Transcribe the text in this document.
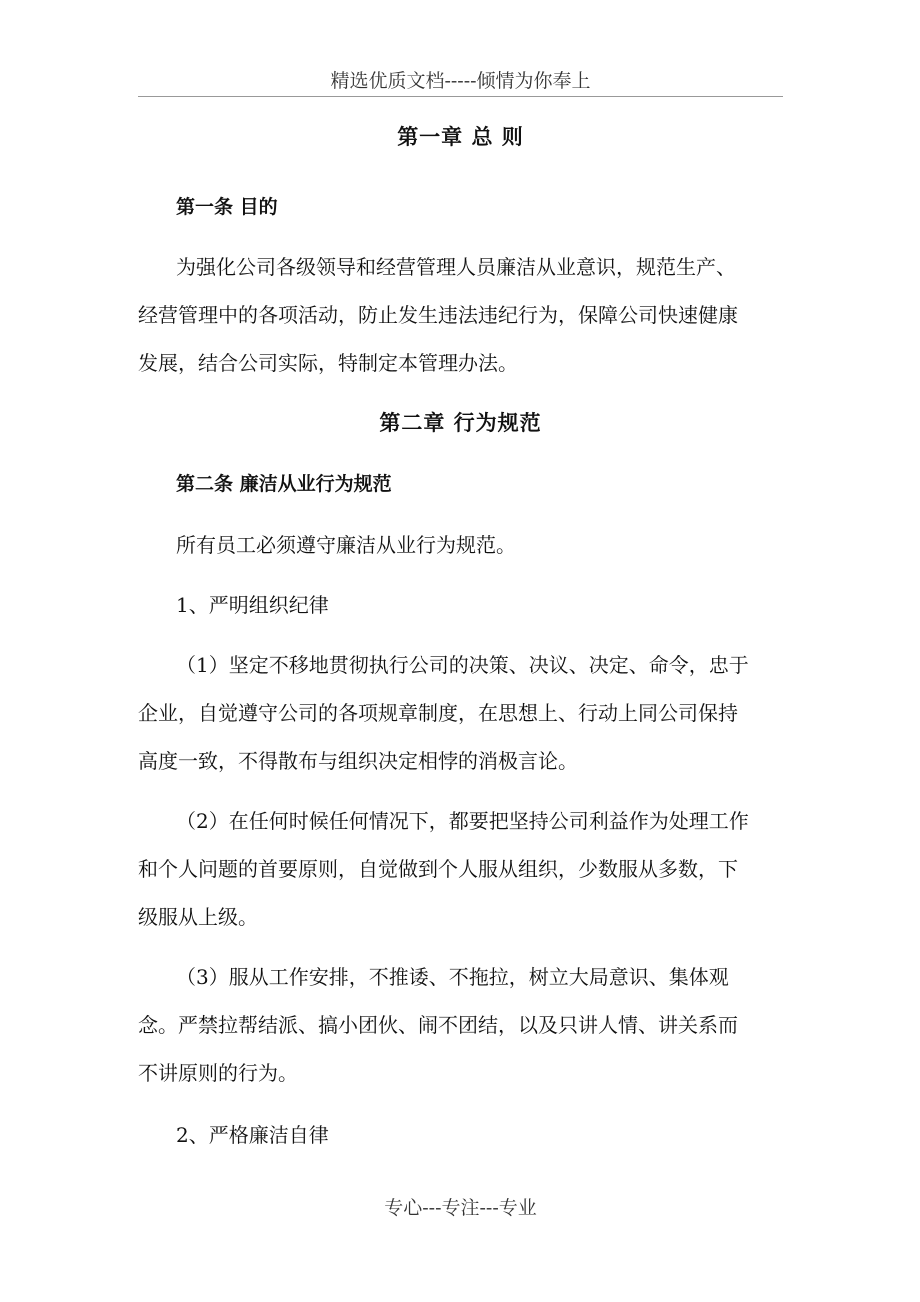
精选优质文档-----倾情为你奉上
第一章 总 则
第一条 目的
为强化公司各级领导和经营管理人员廉洁从业意识，规范生产、
经营管理中的各项活动，防止发生违法违纪行为，保障公司快速健康
发展，结合公司实际，特制定本管理办法。
第二章 行为规范
第二条 廉洁从业行为规范
所有员工必须遵守廉洁从业行为规范。
1、严明组织纪律
（1）坚定不移地贯彻执行公司的决策、决议、决定、命令，忠于
企业，自觉遵守公司的各项规章制度，在思想上、行动上同公司保持
高度一致，不得散布与组织决定相悖的消极言论。
（2）在任何时候任何情况下，都要把坚持公司利益作为处理工作
和个人问题的首要原则，自觉做到个人服从组织，少数服从多数，下
级服从上级。
（3）服从工作安排，不推诿、不拖拉，树立大局意识、集体观
念。严禁拉帮结派、搞小团伙、闹不团结，以及只讲人情、讲关系而
不讲原则的行为。
2、严格廉洁自律
专心---专注---专业
